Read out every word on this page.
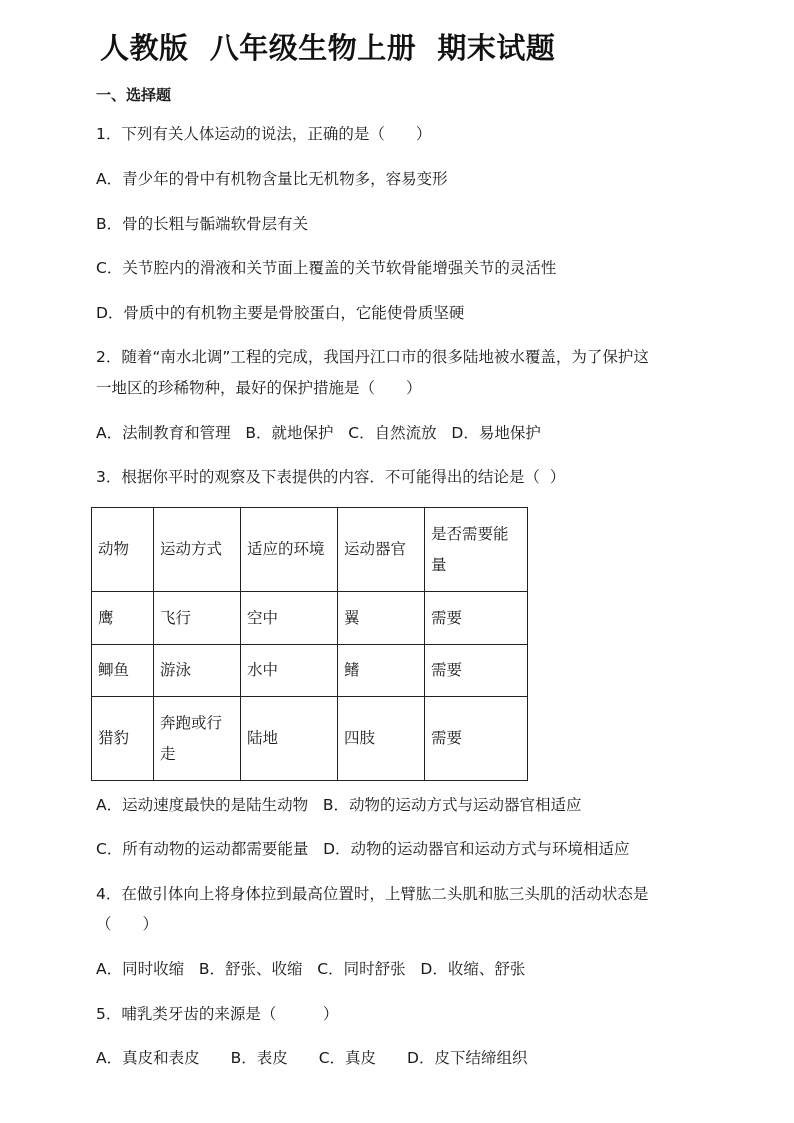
人教版  八年级生物上册  期末试题
一、选择题
1．下列有关人体运动的说法，正确的是（　　）
A．青少年的骨中有机物含量比无机物多，容易变形
B．骨的长粗与骺端软骨层有关
C．关节腔内的滑液和关节面上覆盖的关节软骨能增强关节的灵活性
D．骨质中的有机物主要是骨胶蛋白，它能使骨质坚硬
2．随着“南水北调”工程的完成，我国丹江口市的很多陆地被水覆盖，为了保护这
一地区的珍稀物种，最好的保护措施是（　　）
A．法制教育和管理   B．就地保护   C．自然流放   D．易地保护
3．根据你平时的观察及下表提供的内容．不可能得出的结论是（  ）
动物	运动方式	适应的环境	运动器官	是否需要能量
鹰	飞行	空中	翼	需要
鲫鱼	游泳	水中	鳍	需要
猎豹	奔跑或行走	陆地	四肢	需要
A．运动速度最快的是陆生动物   B．动物的运动方式与运动器官相适应
C．所有动物的运动都需要能量   D．动物的运动器官和运动方式与环境相适应
4．在做引体向上将身体拉到最高位置时，上臂肱二头肌和肱三头肌的活动状态是
（　　）
A．同时收缩   B．舒张、收缩   C．同时舒张   D．收缩、舒张
5．哺乳类牙齿的来源是（　　　）
A．真皮和表皮　　B．表皮　　C．真皮　　D．皮下结缔组织
